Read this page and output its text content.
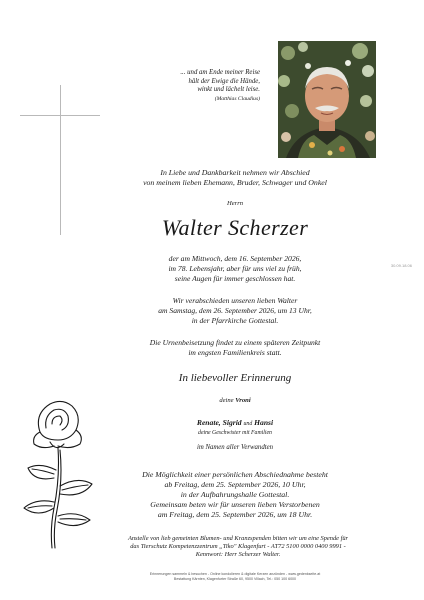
30.09.18.06
... und am Ende meiner Reise
hält der Ewige die Hände,
winkt und lächelt leise.
(Matthias Claudius)
In Liebe und Dankbarkeit nehmen wir Abschied
von meinem lieben Ehemann, Bruder, Schwager und Onkel
Herrn
Walter Scherzer
der am Mittwoch, dem 16. September 2026,
im 78. Lebensjahr, aber für uns viel zu früh,
seine Augen für immer geschlossen hat.
Wir verabschieden unseren lieben Walter
am Samstag, dem 26. September 2026, um 13 Uhr,
in der Pfarrkirche Gottestal.
Die Urnenbeisetzung findet zu einem späteren Zeitpunkt
im engsten Familienkreis statt.
In liebevoller Erinnerung
deine Vroni
Renate, Sigrid und Hansi
deine Geschwister mit Familien
im Namen aller Verwandten
Die Möglichkeit einer persönlichen Abschiednahme besteht
ab Freitag, dem 25. September 2026, 10 Uhr,
in der Aufbahrungshalle Gottestal.
Gemeinsam beten wir für unseren lieben Verstorbenen
am Freitag, dem 25. September 2026, um 18 Uhr.
Anstelle von lieb gemeinten Blumen- und Kranzspenden bitten wir um eine Spende für
das Tierschutz Kompetenzzentrum „Tiko" Klagenfurt - AT72 5100 0000 0400 9991 -
Kennwort: Herr Scherzer Walter.
Erinnerungen sammeln & besuchen - Online kondolieren & digitale Kerzen anzünden - www.gedenkseite.at
Bestattung Kärnten, Klagenfurter Straße 60, 9500 Villach, Tel.: 050 100 6000
